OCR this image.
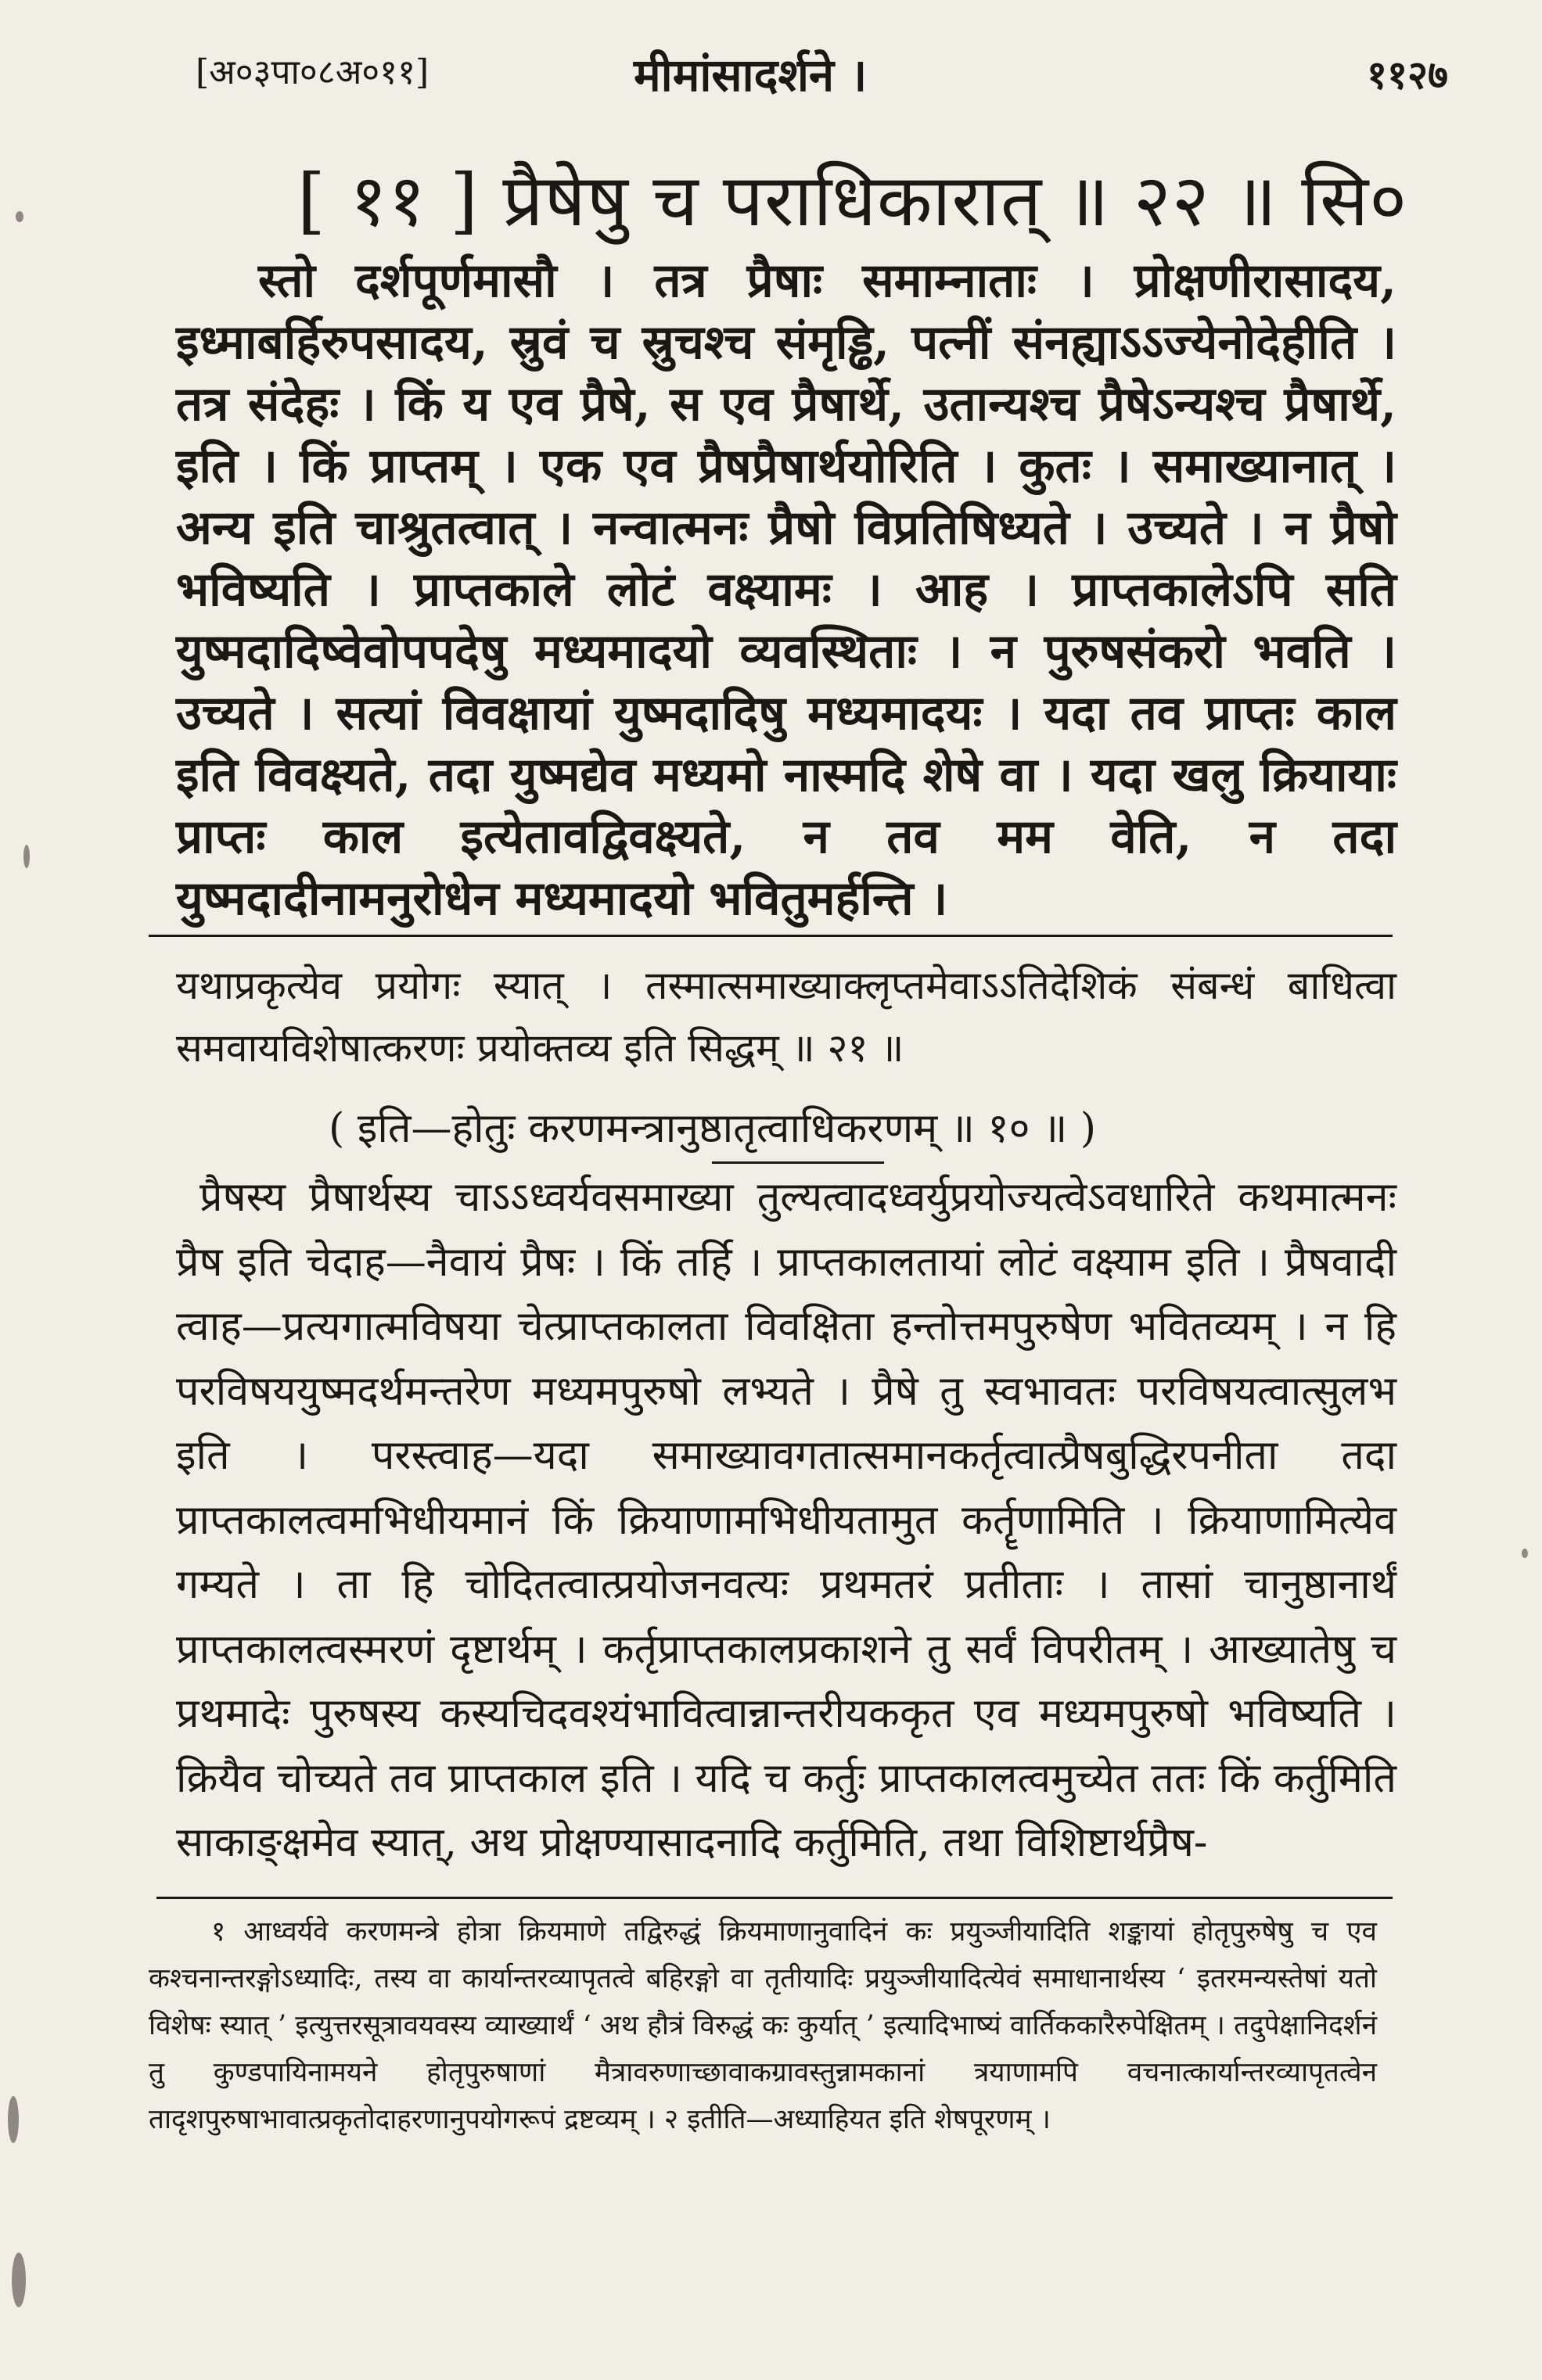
[अ०३पा०८अ०११]	मीमांसादर्शने ।	११२७
[ ११ ] प्रैषेषु च पराधिकारात् ॥ २२ ॥ सि०
स्तो दर्शपूर्णमासौ । तत्र प्रैषाः समाम्नाताः । प्रोक्षणीरासादय, इध्माबर्हिरुपसादय, स्रुवं च स्रुचश्च संमृड्ढि, पत्नीं संनह्याऽऽज्येनोदेहीति । तत्र संदेहः । किं य एव प्रैषे, स एव प्रैषार्थे, उतान्यश्च प्रैषेऽन्यश्च प्रैषार्थे, इति । किं प्राप्तम् । एक एव प्रैषप्रैषार्थयोरिति । कुतः । समाख्यानात् । अन्य इति चाश्रुतत्वात् । नन्वात्मनः प्रैषो विप्रतिषिध्यते । उच्यते । न प्रैषो भविष्यति । प्राप्तकाले लोटं वक्ष्यामः । आह । प्राप्तकालेऽपि सति युष्मदादिष्वेवोपपदेषु मध्यमादयो व्यवस्थिताः । न पुरुषसंकरो भवति । उच्यते । सत्यां विवक्षायां युष्मदादिषु मध्यमादयः । यदा तव प्राप्तः काल इति विवक्ष्यते, तदा युष्मद्येव मध्यमो नास्मदि शेषे वा । यदा खलु क्रियायाः प्राप्तः काल इत्येतावद्विवक्ष्यते, न तव मम वेति, न तदा युष्मदादीनामनुरोधेन मध्यमादयो भवितुमर्हन्ति ।
यथाप्रकृत्येव प्रयोगः स्यात् । तस्मात्समाख्याक्लृप्तमेवाऽऽतिदेशिकं संबन्धं बाधित्वा समवायविशेषात्करणः प्रयोक्तव्य इति सिद्धम् ॥ २१ ॥
( इति—होतुः करणमन्त्रानुष्ठातृत्वाधिकरणम् ॥ १० ॥ )
प्रैषस्य प्रैषार्थस्य चाऽऽध्वर्यवसमाख्या तुल्यत्वादध्वर्युप्रयोज्यत्वेऽवधारिते कथमात्मनः प्रैष इति चेदाह—नैवायं प्रैषः । किं तर्हि । प्राप्तकालतायां लोटं वक्ष्याम इति । प्रैषवादी त्वाह—प्रत्यगात्मविषया चेत्प्राप्तकालता विवक्षिता हन्तोत्तमपुरुषेण भवितव्यम् । न हि परविषययुष्मदर्थमन्तरेण मध्यमपुरुषो लभ्यते । प्रैषे तु स्वभावतः परविषयत्वात्सुलभ इति । परस्त्वाह—यदा समाख्यावगतात्समानकर्तृत्वात्प्रैषबुद्धिरपनीता तदा प्राप्तकालत्वमभिधीयमानं किं क्रियाणामभिधीयतामुत कर्तॄणामिति । क्रियाणामित्येव गम्यते । ता हि चोदितत्वात्प्रयोजनवत्यः प्रथमतरं प्रतीताः । तासां चानुष्ठानार्थं प्राप्तकालत्वस्मरणं दृष्टार्थम् । कर्तृप्राप्तकालप्रकाशने तु सर्वं विपरीतम् । आख्यातेषु च प्रथमादेः पुरुषस्य कस्यचिदवश्यंभावित्वान्नान्तरीयककृत एव मध्यमपुरुषो भविष्यति । क्रियैव चोच्यते तव प्राप्तकाल इति । यदि च कर्तुः प्राप्तकालत्वमुच्येत ततः किं कर्तुमिति साकाङ्क्षमेव स्यात्, अथ प्रोक्षण्यासादनादि कर्तुमिति, तथा विशिष्टार्थप्रैष-
१ आध्वर्यवे करणमन्त्रे होत्रा क्रियमाणे तद्विरुद्धं क्रियमाणानुवादिनं कः प्रयुञ्जीयादिति शङ्कायां होतृपुरुषेषु च एव कश्चनान्तरङ्गोऽध्यादिः, तस्य वा कार्यान्तरव्यापृतत्वे बहिरङ्गो वा तृतीयादिः प्रयुञ्जीयादित्येवं समाधानार्थस्य ‘ इतरमन्यस्तेषां यतो विशेषः स्यात् ’ इत्युत्तरसूत्रावयवस्य व्याख्यार्थं ‘ अथ हौत्रं विरुद्धं कः कुर्यात् ’ इत्यादिभाष्यं वार्तिककारैरुपेक्षितम् । तदुपेक्षानिदर्शनं तु कुण्डपायिनामयने होतृपुरुषाणां मैत्रावरुणाच्छावाकग्रावस्तुन्नामकानां त्रयाणामपि वचनात्कार्यान्तरव्यापृतत्वेन तादृशपुरुषाभावात्प्रकृतोदाहरणानुपयोगरूपं द्रष्टव्यम् । २ इतीति—अध्याहियत इति शेषपूरणम् ।
